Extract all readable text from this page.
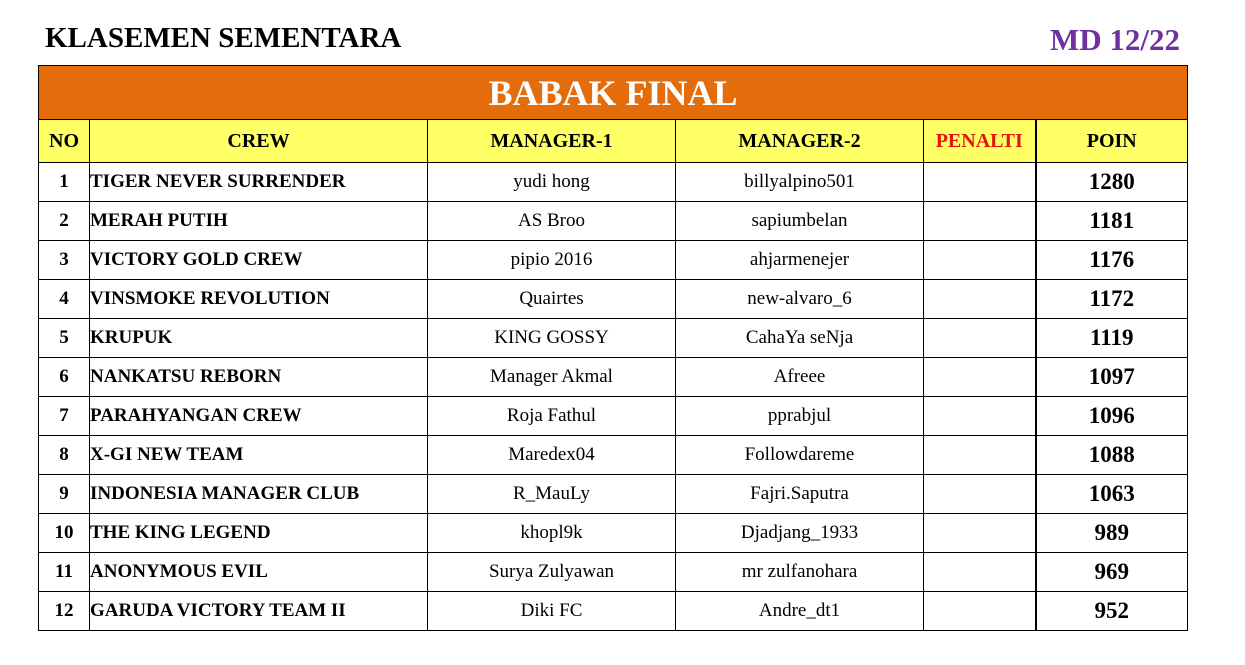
KLASEMEN SEMENTARA	MD 12/22
BABAK FINAL					
NO	CREW	MANAGER-1	MANAGER-2	PENALTI	POIN
1	TIGER NEVER SURRENDER	yudi hong	billyalpino501		1280
2	MERAH PUTIH	AS Broo	sapiumbelan		1181
3	VICTORY GOLD CREW	pipio 2016	ahjarmenejer		1176
4	VINSMOKE REVOLUTION	Quairtes	new-alvaro_6		1172
5	KRUPUK	KING GOSSY	CahaYa seNja		1119
6	NANKATSU REBORN	Manager Akmal	Afreee		1097
7	PARAHYANGAN CREW	Roja Fathul	pprabjul		1096
8	X-GI NEW TEAM	Maredex04	Followdareme		1088
9	INDONESIA MANAGER CLUB	R_MauLy	Fajri.Saputra		1063
10	THE KING LEGEND	khopl9k	Djadjang_1933		989
11	ANONYMOUS EVIL	Surya Zulyawan	mr zulfanohara		969
12	GARUDA VICTORY TEAM II	Diki FC	Andre_dt1		952
